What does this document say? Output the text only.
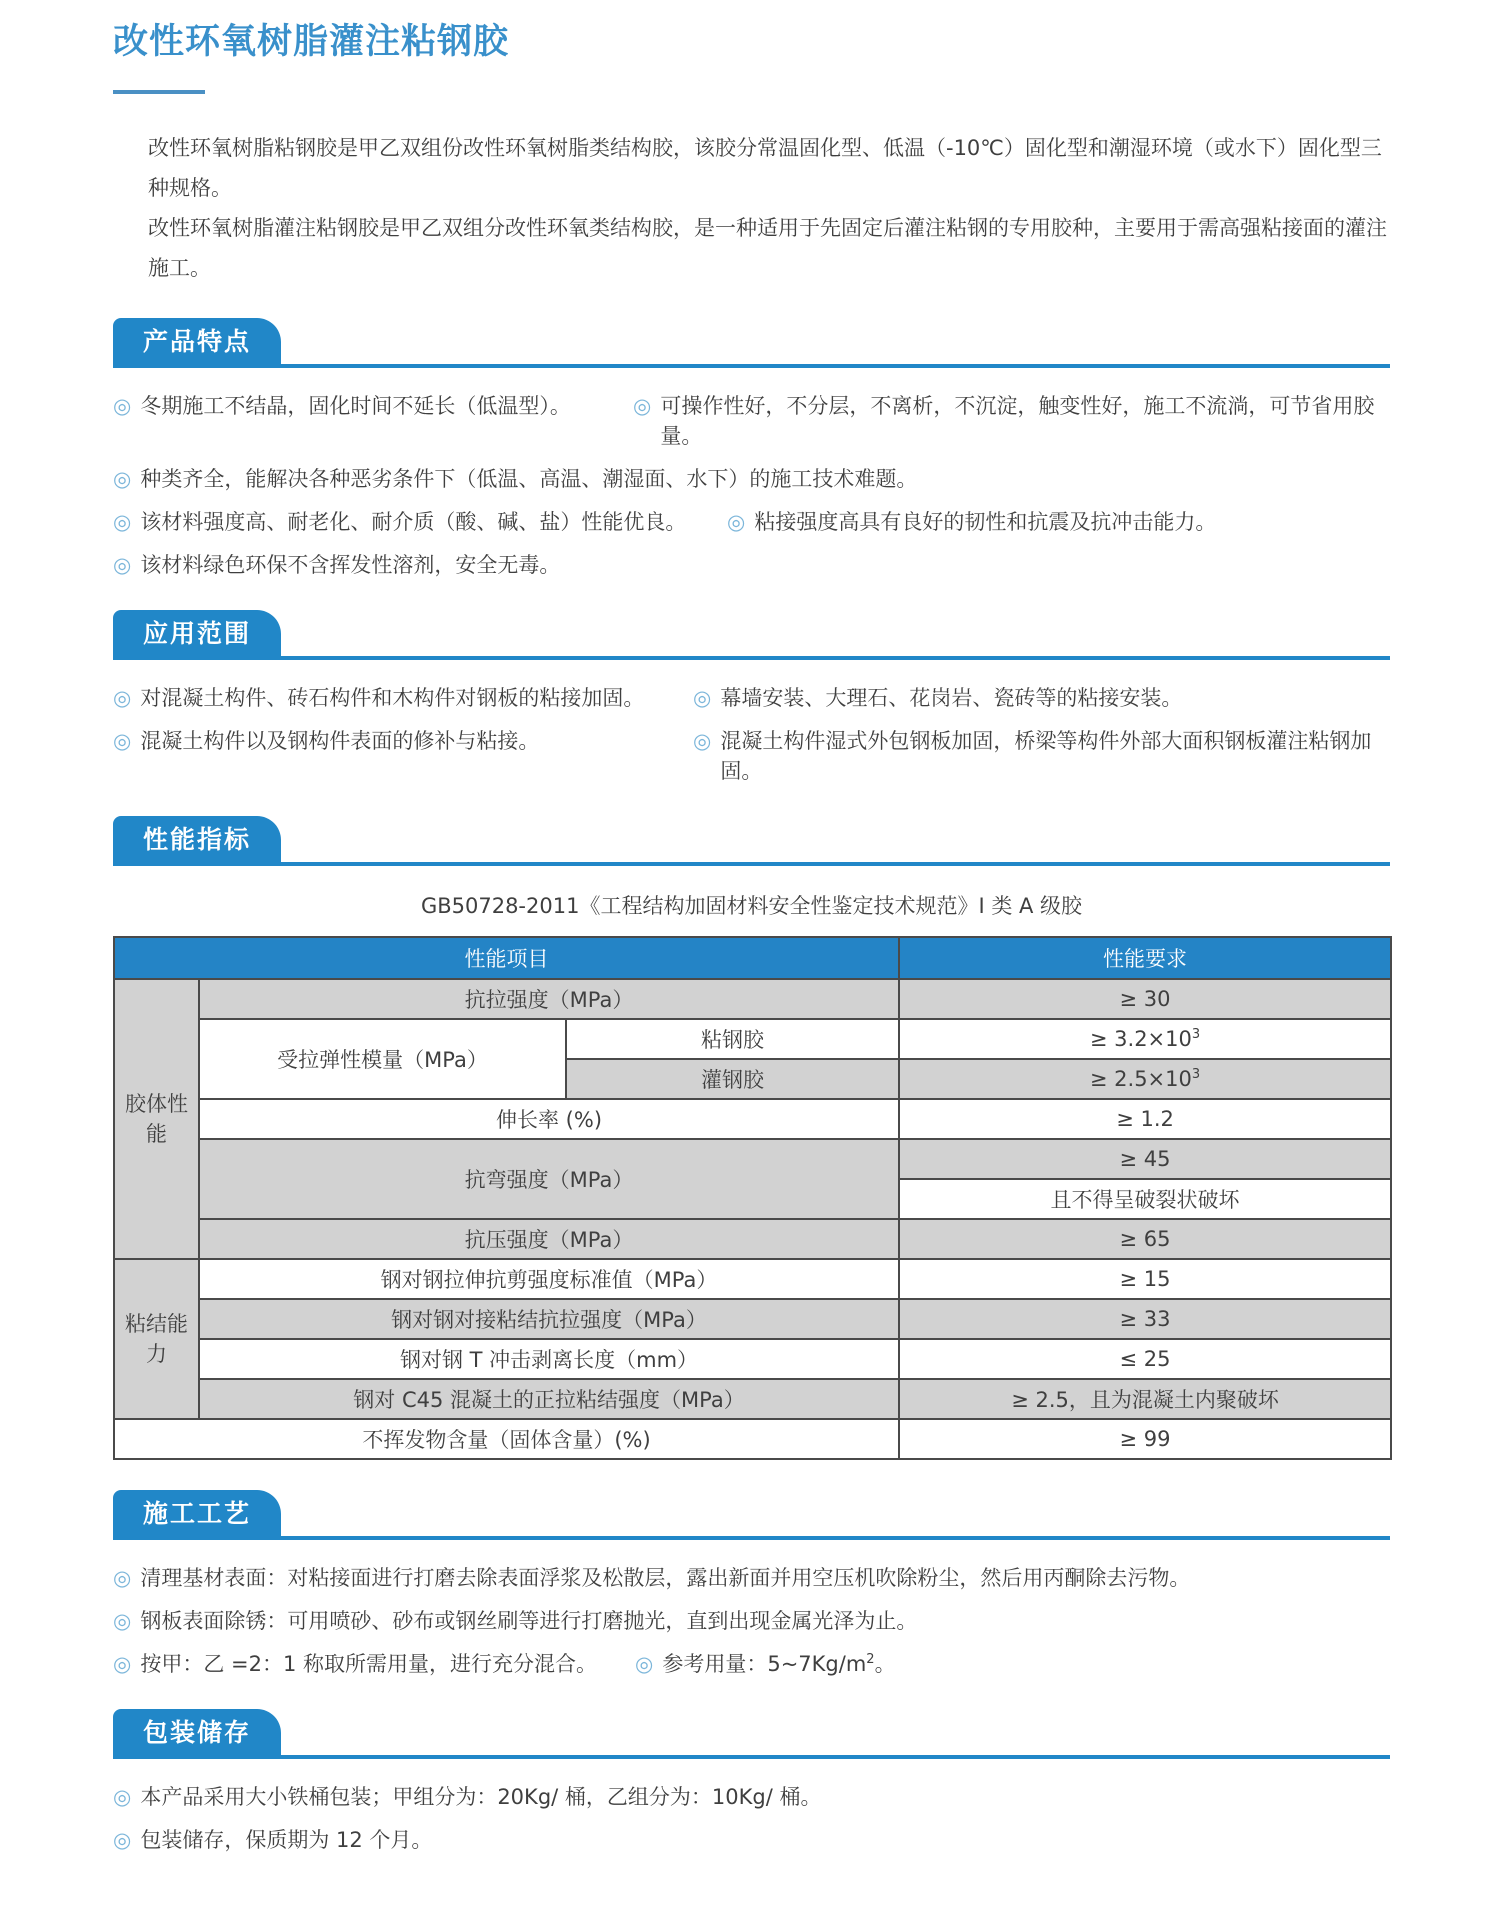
改性环氧树脂灌注粘钢胶

改性环氧树脂粘钢胶是甲乙双组份改性环氧树脂类结构胶，该胶分常温固化型、低温（-10℃）固化型和潮湿环境（或水下）固化型三种规格。

改性环氧树脂灌注粘钢胶是甲乙双组分改性环氧类结构胶，是一种适用于先固定后灌注粘钢的专用胶种，主要用于需高强粘接面的灌注施工。

产品特点
◎ 冬期施工不结晶，固化时间不延长（低温型）。	◎ 可操作性好，不分层，不离析，不沉淀，触变性好，施工不流淌，可节省用胶量。
◎ 种类齐全，能解决各种恶劣条件下（低温、高温、潮湿面、水下）的施工技术难题。
◎ 该材料强度高、耐老化、耐介质（酸、碱、盐）性能优良。 ◎ 粘接强度高具有良好的韧性和抗震及抗冲击能力。
◎ 该材料绿色环保不含挥发性溶剂，安全无毒。
应用范围
◎ 对混凝土构件、砖石构件和木构件对钢板的粘接加固。 ◎ 幕墙安装、大理石、花岗岩、瓷砖等的粘接安装。
◎ 混凝土构件以及钢构件表面的修补与粘接。	◎ 混凝土构件湿式外包钢板加固，桥梁等构件外部大面积钢板灌注粘钢加固。
性能指标
GB50728-2011《工程结构加固材料安全性鉴定技术规范》I 类 A 级胶
性能项目			性能要求
胶体性能	抗拉强度（MPa）		≥ 30
	受拉弹性模量（MPa）	粘钢胶	≥ $3.2\times 10^3$
		灌钢胶	≥ $2.5\times 10^3$
	伸长率 (%)		≥ 1.2
	抗弯强度（MPa）		≥ 45
			且不得呈破裂状破坏
	抗压强度（MPa）		≥ 65
粘结能力	钢对钢拉伸抗剪强度标准值（MPa）		≥ 15
	钢对钢对接粘结抗拉强度（MPa）		≥ 33
	钢对钢 T 冲击剥离长度（mm）		≤ 25
	钢对 C45 混凝土的正拉粘结强度（MPa）		≥ 2.5，且为混凝土内聚破坏
不挥发物含量（固体含量）(%)			≥ 99
施工工艺
◎ 清理基材表面：对粘接面进行打磨去除表面浮浆及松散层，露出新面并用空压机吹除粉尘，然后用丙酮除去污物。
◎ 钢板表面除锈：可用喷砂、砂布或钢丝刷等进行打磨抛光，直到出现金属光泽为止。
◎ 按甲：乙 =2：1 称取所需用量，进行充分混合。 ◎ 参考用量：$5\sim 7Kg/m^2$。
包装储存
◎ 本产品采用大小铁桶包装；甲组分为：20Kg/ 桶，乙组分为：10Kg/ 桶。
◎ 包装储存，保质期为 12 个月。
